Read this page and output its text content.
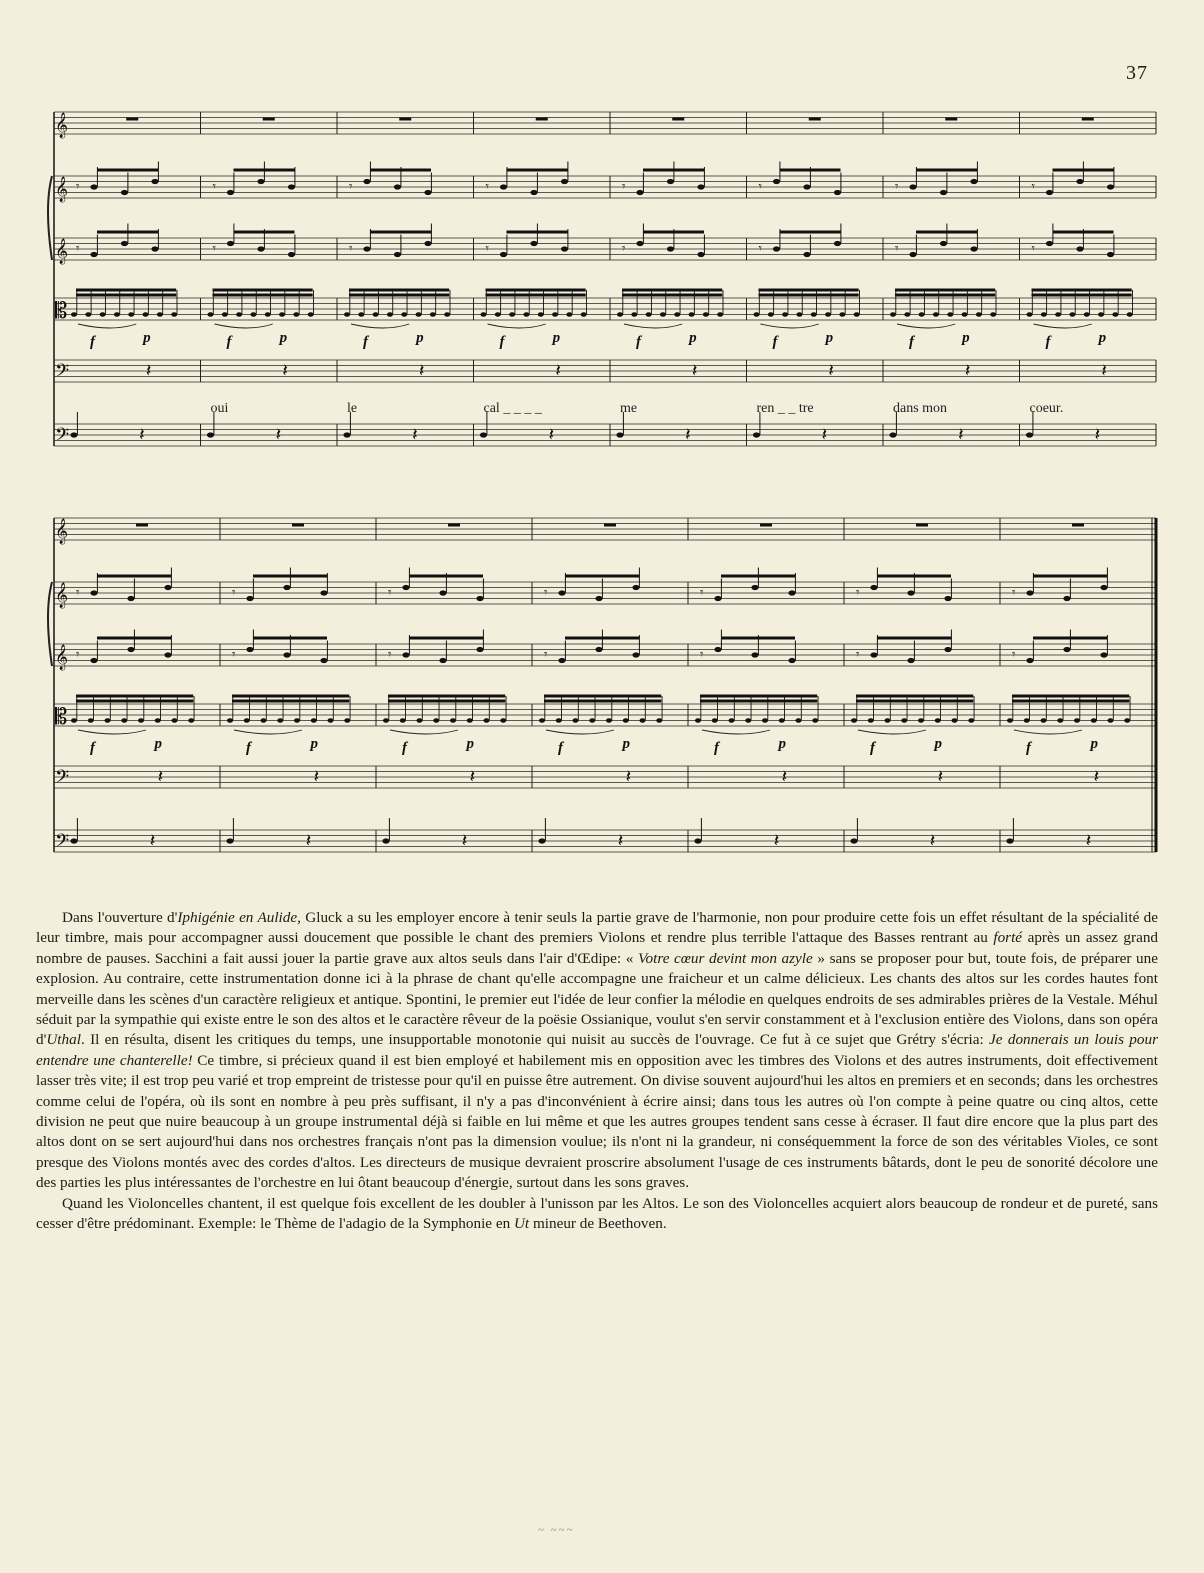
37
𝄞
𝄞
𝄞
𝄡
𝄢
𝄢
𝄾
𝄾
f	p
𝄽
𝄽
𝄾
𝄾
f	p
𝄽
𝄽
𝄾
𝄾
f	p
𝄽
𝄽
𝄾
𝄾
f	p
𝄽
𝄽
𝄾
𝄾
f	p
𝄽
𝄽
𝄾
𝄾
f	p
𝄽
𝄽
𝄾
𝄾
f	p
𝄽
𝄽
𝄾
𝄾
f	p
𝄽
𝄽
oui	le	cal _ _ _ _	me	ren _ _ tre	dans mon	coeur.
𝄞
𝄞
𝄞
𝄡
𝄢
𝄢
𝄾
𝄾
f	p
𝄽
𝄽
𝄾
𝄾
f	p
𝄽
𝄽
𝄾
𝄾
f	p
𝄽
𝄽
𝄾
𝄾
f	p
𝄽
𝄽
𝄾
𝄾
f	p
𝄽
𝄽
𝄾
𝄾
f	p
𝄽
𝄽
𝄾
𝄾
f	p
𝄽
𝄽

Dans l'ouverture d'Iphigénie en Aulide, Gluck a su les employer encore à tenir seuls la partie grave de l'harmonie, non pour produire cette fois un effet résultant de la spécialité de leur timbre, mais pour accompagner aussi doucement que possible le chant des premiers Violons et rendre plus terrible l'attaque des Basses rentrant au forté après un assez grand nombre de pauses. Sacchini a fait aussi jouer la partie grave aux altos seuls dans l'air d'Œdipe: « Votre cœur devint mon azyle » sans se proposer pour but, toute fois, de préparer une explosion. Au contraire, cette instrumentation donne ici à la phrase de chant qu'elle accompagne une fraicheur et un calme délicieux. Les chants des altos sur les cordes hautes font merveille dans les scènes d'un caractère religieux et antique. Spontini, le premier eut l'idée de leur confier la mélodie en quelques endroits de ses admirables prières de la Vestale. Méhul séduit par la sympathie qui existe entre le son des altos et le caractère rêveur de la poësie Ossianique, voulut s'en servir constamment et à l'exclusion entière des Violons, dans son opéra d'Uthal. Il en résulta, disent les critiques du temps, une insupportable monotonie qui nuisit au succès de l'ouvrage. Ce fut à ce sujet que Grétry s'écria: Je donnerais un louis pour entendre une chanterelle! Ce timbre, si précieux quand il est bien employé et habilement mis en opposition avec les timbres des Violons et des autres instruments, doit effectivement lasser très vite; il est trop peu varié et trop empreint de tristesse pour qu'il en puisse être autrement. On divise souvent aujourd'hui les altos en premiers et en seconds; dans les orchestres comme celui de l'opéra, où ils sont en nombre à peu près suffisant, il n'y a pas d'inconvénient à écrire ainsi; dans tous les autres où l'on compte à peine quatre ou cinq altos, cette division ne peut que nuire beaucoup à un groupe instrumental déjà si faible en lui même et que les autres groupes tendent sans cesse à écraser. Il faut dire encore que la plus part des altos dont on se sert aujourd'hui dans nos orchestres français n'ont pas la dimension voulue; ils n'ont ni la grandeur, ni conséquemment la force de son des véritables Violes, ce sont presque des Violons montés avec des cordes d'altos. Les directeurs de musique devraient proscrire absolument l'usage de ces instruments bâtards, dont le peu de sonorité décolore une des parties les plus intéressantes de l'orchestre en lui ôtant beaucoup d'énergie, surtout dans les sons graves.

Quand les Violoncelles chantent, il est quelque fois excellent de les doubler à l'unisson par les Altos. Le son des Violoncelles acquiert alors beaucoup de rondeur et de pureté, sans cesser d'être prédominant. Exemple: le Thème de l'adagio de la Symphonie en Ut mineur de Beethoven.

~ ~~~
